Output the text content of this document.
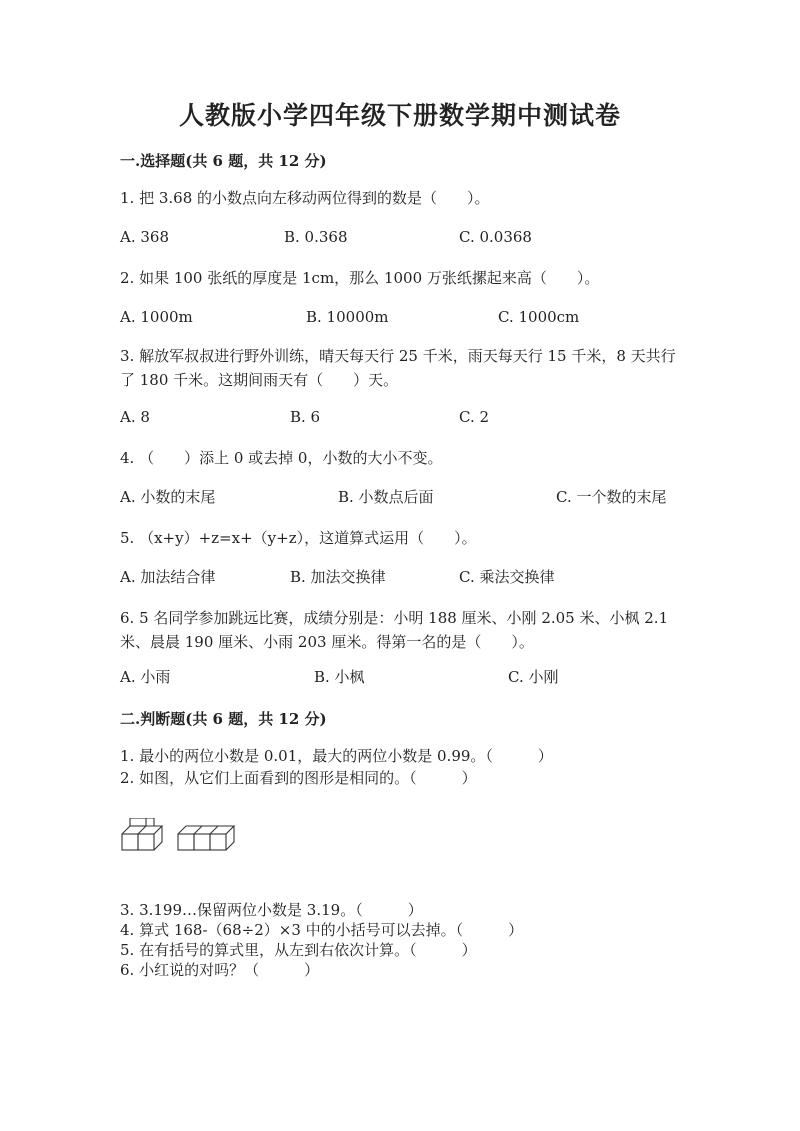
人教版小学四年级下册数学期中测试卷
一.选择题(共 6 题，共 12 分)
1. 把 3.68 的小数点向左移动两位得到的数是（　　）。
A. 368	B. 0.368	C. 0.0368
2. 如果 100 张纸的厚度是 1cm，那么 1000 万张纸摞起来高（　　）。
A. 1000m	B. 10000m	C. 1000cm
3. 解放军叔叔进行野外训练，晴天每天行 25 千米，雨天每天行 15 千米，8 天共行了 180 千米。这期间雨天有（　　）天。
A. 8	B. 6	C. 2
4. （　　）添上 0 或去掉 0，小数的大小不变。
A. 小数的末尾	B. 小数点后面	C. 一个数的末尾
5. （x+y）+z=x+（y+z），这道算式运用（　　）。
A. 加法结合律	B. 加法交换律	C. 乘法交换律
6. 5 名同学参加跳远比赛，成绩分别是：小明 188 厘米、小刚 2.05 米、小枫 2.1 米、晨晨 190 厘米、小雨 203 厘米。得第一名的是（　　）。
A. 小雨	B. 小枫	C. 小刚
二.判断题(共 6 题，共 12 分)
1. 最小的两位小数是 0.01，最大的两位小数是 0.99。（　　　）
2. 如图，从它们上面看到的图形是相同的。（　　　）
3. 3.199…保留两位小数是 3.19。（　　　）
4. 算式 168-（68÷2）×3 中的小括号可以去掉。（　　　）
5. 在有括号的算式里，从左到右依次计算。（　　　）
6. 小红说的对吗？（　　　）
